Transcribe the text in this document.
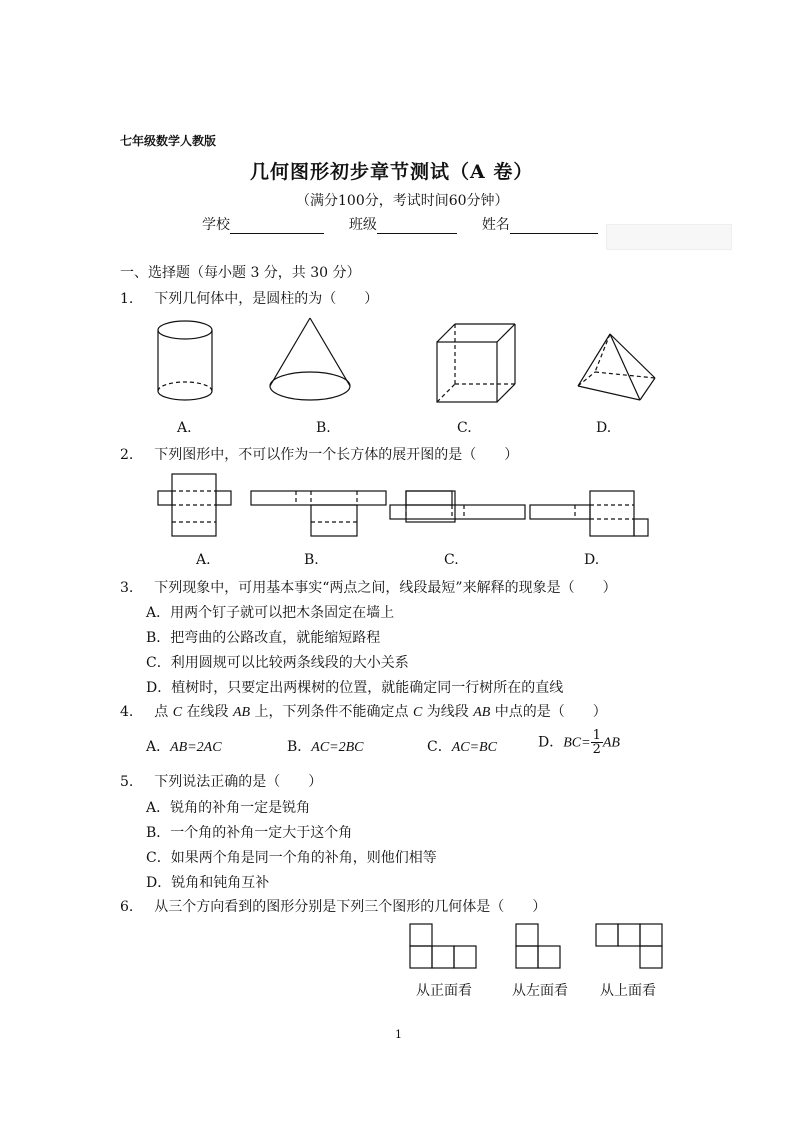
七年级数学人教版
几何图形初步章节测试（A 卷）
（满分100分，考试时间60分钟）
学校	班级	姓名
一、选择题（每小题 3 分，共 30 分）
1. 下列几何体中，是圆柱的为（　　）
A.	B.	C.	D.
2. 下列图形中，不可以作为一个长方体的展开图的是（　　）
A.	B.	C.	D.
3. 下列现象中，可用基本事实“两点之间，线段最短”来解释的现象是（　　）
A．用两个钉子就可以把木条固定在墙上
B．把弯曲的公路改直，就能缩短路程
C．利用圆规可以比较两条线段的大小关系
D．植树时，只要定出两棵树的位置，就能确定同一行树所在的直线
4. 点 C 在线段 AB 上，下列条件不能确定点 C 为线段 AB 中点的是（　　）
A．AB=2AC	B．AC=2BC	C．AC=BC	D．$BC= \frac{1}{2}$ AB
5. 下列说法正确的是（　　）
A．锐角的补角一定是锐角
B．一个角的补角一定大于这个角
C．如果两个角是同一个角的补角，则他们相等
D．锐角和钝角互补
6. 从三个方向看到的图形分别是下列三个图形的几何体是（　　）
从正面看	从左面看 从上面看
1
